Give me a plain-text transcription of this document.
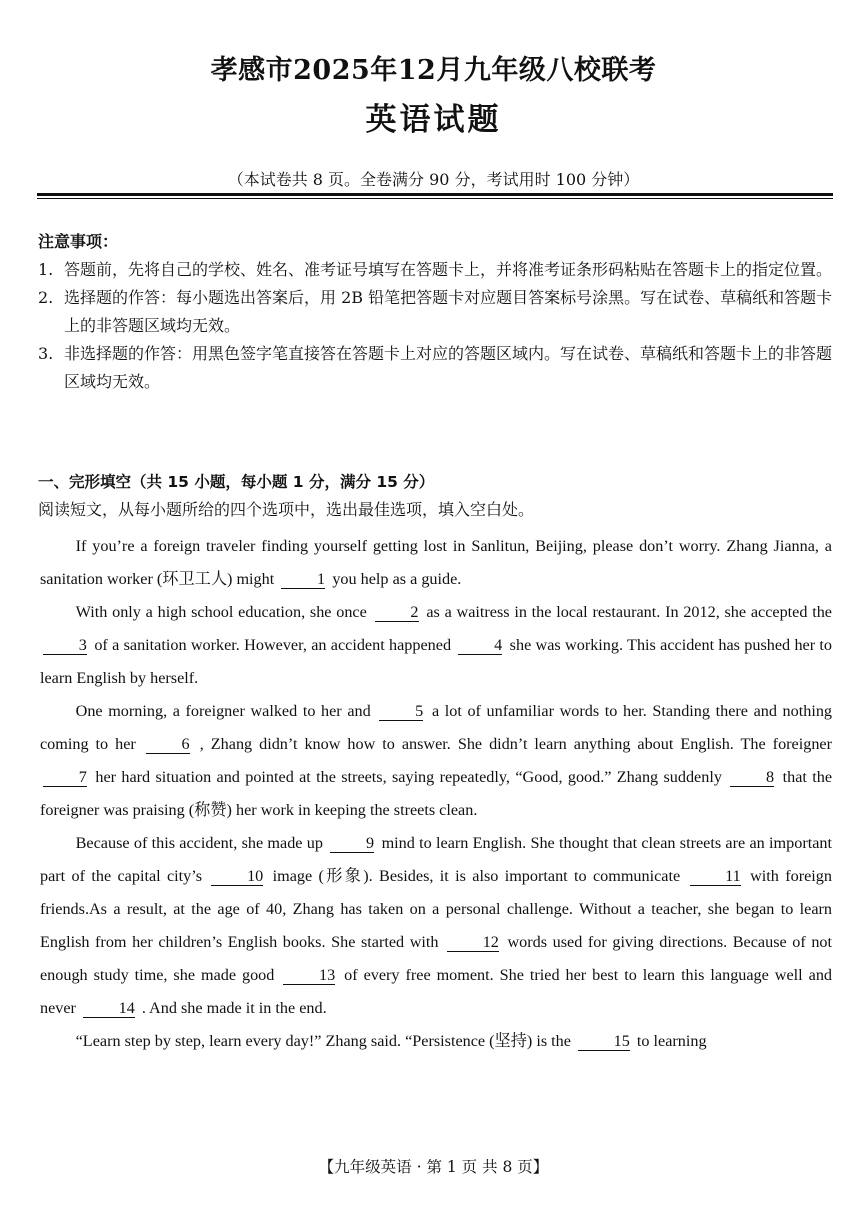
孝感市2025年12月九年级八校联考
英语试题
（本试卷共 8 页。全卷满分 90 分，考试用时 100 分钟）
注意事项：
1. 答题前，先将自己的学校、姓名、准考证号填写在答题卡上，并将准考证条形码粘贴在答题卡上的指定位置。
2. 选择题的作答：每小题选出答案后，用 2B 铅笔把答题卡对应题目答案标号涂黑。写在试卷、草稿纸和答题卡上的非答题区域均无效。
3. 非选择题的作答：用黑色签字笔直接答在答题卡上对应的答题区域内。写在试卷、草稿纸和答题卡上的非答题区域均无效。
一、完形填空（共 15 小题，每小题 1 分，满分 15 分）
阅读短文，从每小题所给的四个选项中，选出最佳选项，填入空白处。

If you’re a foreign traveler finding yourself getting lost in Sanlitun, Beijing, please don’t worry. Zhang Jianna, a sanitation worker (环卫工人) might	1 you help as a guide.

With only a high school education, she once	2 as a waitress in the local restaurant. In 2012, she accepted the 3 of a sanitation worker. However, an accident happened	4 she was working. This accident has pushed her to learn English by herself.

One morning, a foreigner walked to her and	5 a lot of unfamiliar words to her. Standing there and nothing coming to her	6 , Zhang didn’t know how to answer. She didn’t learn anything about English. The foreigner 7 her hard situation and pointed at the streets, saying repeatedly, “Good, good.” Zhang suddenly	8 that the foreigner was praising (称赞) her work in keeping the streets clean.

Because of this accident, she made up	9 mind to learn English. She thought that clean streets are an important part of the capital city’s	10 image (形象). Besides, it is also important to communicate	11 with foreign friends.As a result, at the age of 40, Zhang has taken on a personal challenge. Without a teacher, she began to learn English from her children’s English books. She started with	12 words used for giving directions. Because of not enough study time, she made good	13 of every free moment. She tried her best to learn this language well and never	14 . And she made it in the end.

“Learn step by step, learn every day!” Zhang said. “Persistence (坚持) is the	15 to learning

【九年级英语 · 第 1 页 共 8 页】
